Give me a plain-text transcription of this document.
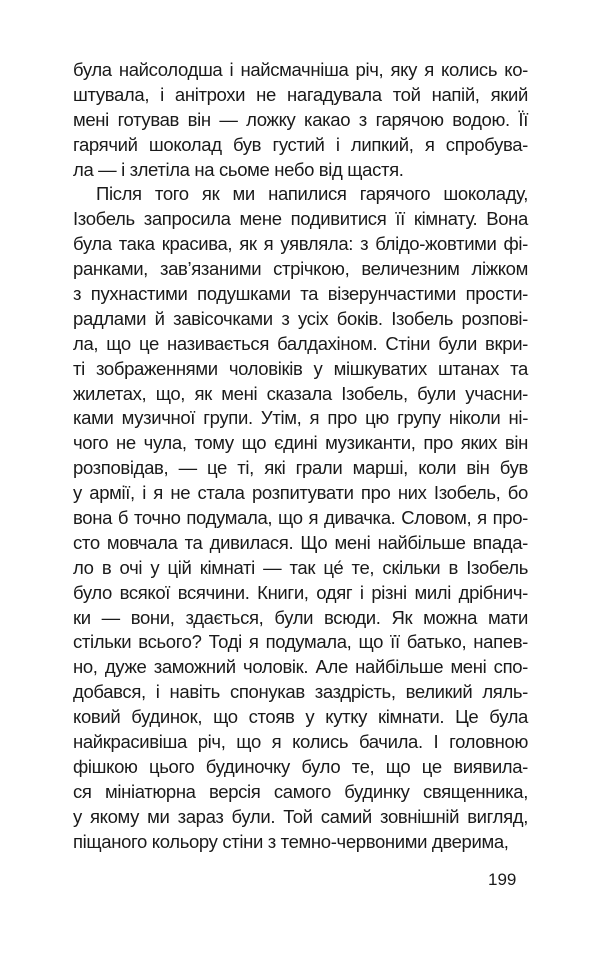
була найсолодша і найсмачніша річ, яку я колись ко-
штувала, і анітрохи не нагадувала той напій, який
мені готував він — ложку какао з гарячою водою. Її
гарячий шоколад був густий і липкий, я спробува-
ла — і злетіла на сьоме небо від щастя.
Після того як ми напилися гарячого шоколаду,
Ізобель запросила мене подивитися її кімнату. Вона
була така красива, як я уявляла: з блідо-жовтими фі-
ранками, зав’язаними стрічкою, величезним ліжком
з пухнастими подушками та візерунчастими прости-
радлами й завісочками з усіх боків. Ізобель розпові-
ла, що це називається балдахіном. Стіни були вкри-
ті зображеннями чоловіків у мішкуватих штанах та
жилетах, що, як мені сказала Ізобель, були учасни-
ками музичної групи. Утім, я про цю групу ніколи ні-
чого не чула, тому що єдині музиканти, про яких він
розповідав, — це ті, які грали марші, коли він був
у армії, і я не стала розпитувати про них Ізобель, бо
вона б точно подумала, що я дивачка. Словом, я про-
сто мовчала та дивилася. Що мені найбільше впада-
ло в очі у цій кімнаті — так це́ те, скільки в Ізобель
було всякої всячини. Книги, одяг і різні милі дрібнич-
ки — вони, здається, були всюди. Як можна мати
стільки всього? Тоді я подумала, що її батько, напев-
но, дуже заможний чоловік. Але найбільше мені спо-
добався, і навіть спонукав заздрість, великий ляль-
ковий будинок, що стояв у кутку кімнати. Це була
найкрасивіша річ, що я колись бачила. І головною
фішкою цього будиночку було те, що це виявила-
ся мініатюрна версія самого будинку священника,
у якому ми зараз були. Той самий зовнішній вигляд,
піщаного кольору стіни з темно-червоними дверима,
199
